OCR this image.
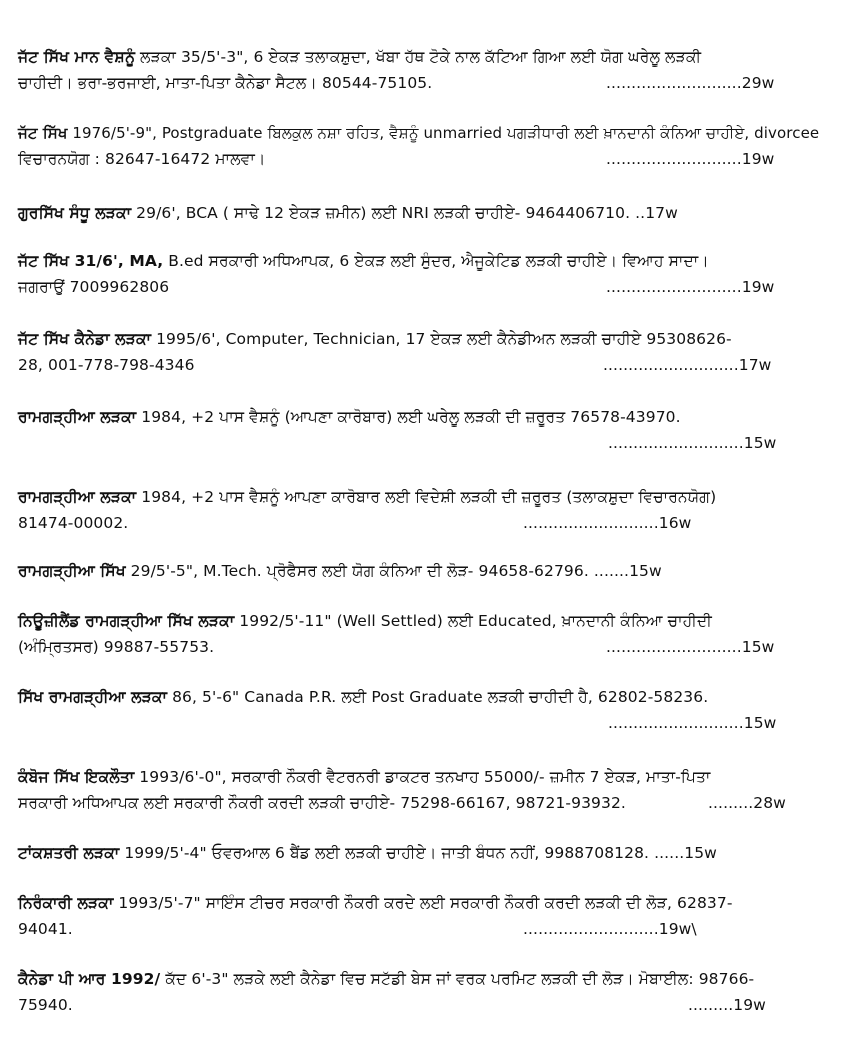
ਜੱਟ ਸਿੱਖ ਮਾਨ ਵੈਸ਼ਨੂੰ ਲੜਕਾ 35/5'-3", 6 ਏਕੜ ਤਲਾਕਸ਼ੁਦਾ, ਖੱਬਾ ਹੱਥ ਟੋਕੇ ਨਾਲ ਕੱਟਿਆ ਗਿਆ ਲਈ ਯੋਗ ਘਰੇਲੂ ਲੜਕੀ
ਚਾਹੀਦੀ। ਭਰਾ-ਭਰਜਾਈ, ਮਾਤਾ-ਪਿਤਾ ਕੈਨੇਡਾ ਸੈਟਲ। 80544-75105.	...........................29w
ਜੱਟ ਸਿੱਖ 1976/5'-9", Postgraduate ਬਿਲਕੁਲ ਨਸ਼ਾ ਰਹਿਤ, ਵੈਸ਼ਨੂੰ unmarried ਪਗੜੀਧਾਰੀ ਲਈ ਖ਼ਾਨਦਾਨੀ ਕੰਨਿਆ ਚਾਹੀਏ, divorcee
ਵਿਚਾਰਨਯੋਗ : 82647-16472 ਮਾਲਵਾ।	...........................19w
ਗੁਰਸਿੱਖ ਸੰਧੂ ਲੜਕਾ 29/6', BCA ( ਸਾਢੇ 12 ਏਕੜ ਜ਼ਮੀਨ) ਲਈ NRI ਲੜਕੀ ਚਾਹੀਏ- 9464406710. ..17w
ਜੱਟ ਸਿੱਖ 31/6', MA, B.ed ਸਰਕਾਰੀ ਅਧਿਆਪਕ, 6 ਏਕੜ ਲਈ ਸੁੰਦਰ, ਐਜੂਕੇਟਿਡ ਲੜਕੀ ਚਾਹੀਏ। ਵਿਆਹ ਸਾਦਾ।
ਜਗਰਾਉਂ 7009962806	...........................19w
ਜੱਟ ਸਿੱਖ ਕੈਨੇਡਾ ਲੜਕਾ 1995/6', Computer, Technician, 17 ਏਕੜ ਲਈ ਕੈਨੇਡੀਅਨ ਲੜਕੀ ਚਾਹੀਏ 95308626-
28, 001-778-798-4346	...........................17w
ਰਾਮਗੜ੍ਹੀਆ ਲੜਕਾ 1984, +2 ਪਾਸ ਵੈਸ਼ਨੂੰ (ਆਪਣਾ ਕਾਰੋਬਾਰ) ਲਈ ਘਰੇਲੂ ਲੜਕੀ ਦੀ ਜ਼ਰੂਰਤ 76578-43970.
...........................15w
ਰਾਮਗੜ੍ਹੀਆ ਲੜਕਾ 1984, +2 ਪਾਸ ਵੈਸ਼ਨੂੰ ਆਪਣਾ ਕਾਰੋਬਾਰ ਲਈ ਵਿਦੇਸ਼ੀ ਲੜਕੀ ਦੀ ਜ਼ਰੂਰਤ (ਤਲਾਕਸ਼ੁਦਾ ਵਿਚਾਰਨਯੋਗ)
81474-00002.	...........................16w
ਰਾਮਗੜ੍ਹੀਆ ਸਿੱਖ 29/5'-5", M.Tech. ਪ੍ਰੋਫੈਸਰ ਲਈ ਯੋਗ ਕੰਨਿਆ ਦੀ ਲੋੜ- 94658-62796. .......15w
ਨਿਊਜ਼ੀਲੈਂਡ ਰਾਮਗੜ੍ਹੀਆ ਸਿੱਖ ਲੜਕਾ 1992/5'-11" (Well Settled) ਲਈ Educated, ਖ਼ਾਨਦਾਨੀ ਕੰਨਿਆ ਚਾਹੀਦੀ
(ਅੰਮ੍ਰਿਤਸਰ) 99887-55753.	...........................15w
ਸਿੱਖ ਰਾਮਗੜ੍ਹੀਆ ਲੜਕਾ 86, 5'-6" Canada P.R. ਲਈ Post Graduate ਲੜਕੀ ਚਾਹੀਦੀ ਹੈ, 62802-58236.
...........................15w
ਕੰਬੋਜ ਸਿੱਖ ਇਕਲੌਤਾ 1993/6'-0", ਸਰਕਾਰੀ ਨੌਕਰੀ ਵੈਟਰਨਰੀ ਡਾਕਟਰ ਤਨਖਾਹ 55000/- ਜ਼ਮੀਨ 7 ਏਕੜ, ਮਾਤਾ-ਪਿਤਾ
ਸਰਕਾਰੀ ਅਧਿਆਪਕ ਲਈ ਸਰਕਾਰੀ ਨੌਕਰੀ ਕਰਦੀ ਲੜਕੀ ਚਾਹੀਏ- 75298-66167, 98721-93932.	.........28w
ਟਾਂਕਸ਼ਤਰੀ ਲੜਕਾ 1999/5'-4" ਓਵਰਆਲ 6 ਬੈਂਡ ਲਈ ਲੜਕੀ ਚਾਹੀਏ। ਜਾਤੀ ਬੰਧਨ ਨਹੀਂ, 9988708128. ......15w
ਨਿਰੰਕਾਰੀ ਲੜਕਾ 1993/5'-7" ਸਾਇੰਸ ਟੀਚਰ ਸਰਕਾਰੀ ਨੌਕਰੀ ਕਰਦੇ ਲਈ ਸਰਕਾਰੀ ਨੌਕਰੀ ਕਰਦੀ ਲੜਕੀ ਦੀ ਲੋੜ, 62837-
94041.	...........................19w\
ਕੈਨੇਡਾ ਪੀ ਆਰ 1992/ ਕੱਦ 6'-3" ਲੜਕੇ ਲਈ ਕੈਨੇਡਾ ਵਿਚ ਸਟੱਡੀ ਬੇਸ ਜਾਂ ਵਰਕ ਪਰਮਿਟ ਲੜਕੀ ਦੀ ਲੋੜ। ਮੋਬਾਈਲ: 98766-
75940.	.........19w
